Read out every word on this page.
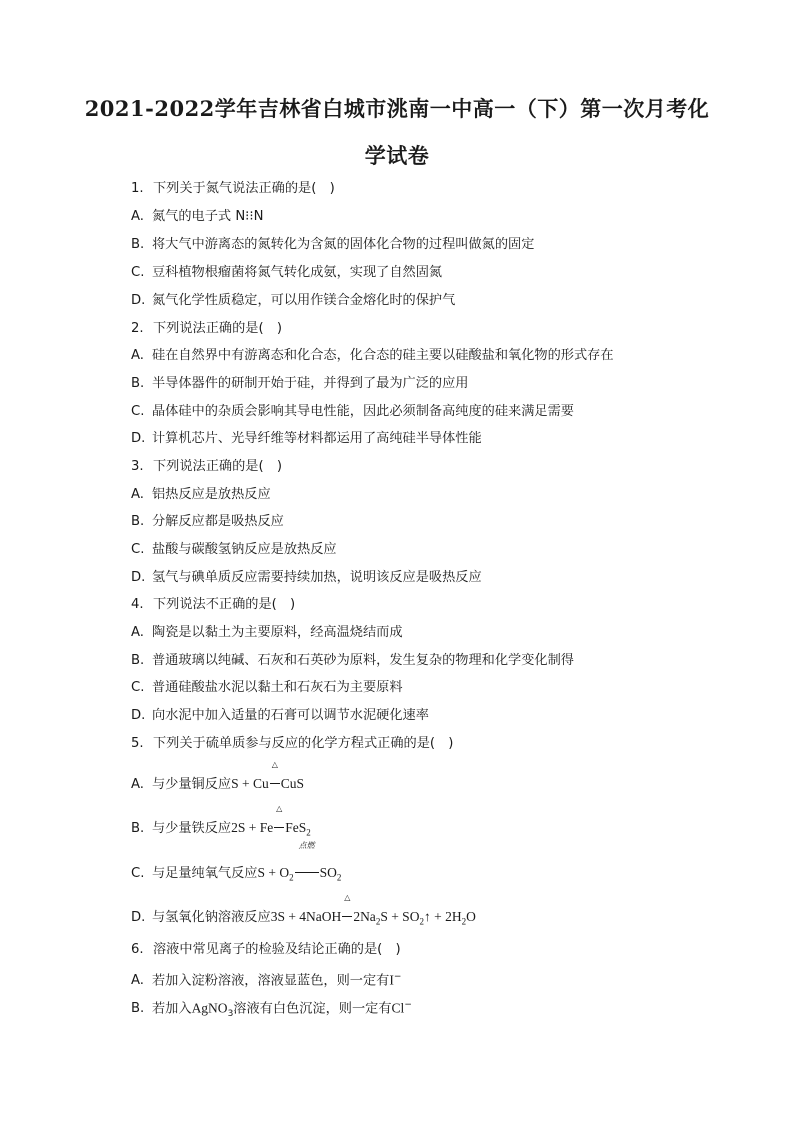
2021-2022学年吉林省白城市洮南一中高一（下）第一次月考化
学试卷
1. 下列关于氮气说法正确的是(　)
A. 氮气的电子式 N⁝⁝N
B. 将大气中游离态的氮转化为含氮的固体化合物的过程叫做氮的固定
C. 豆科植物根瘤菌将氮气转化成氨，实现了自然固氮
D. 氮气化学性质稳定，可以用作镁合金熔化时的保护气
2. 下列说法正确的是(　)
A. 硅在自然界中有游离态和化合态，化合态的硅主要以硅酸盐和氧化物的形式存在
B. 半导体器件的研制开始于硅，并得到了最为广泛的应用
C. 晶体硅中的杂质会影响其导电性能，因此必须制备高纯度的硅来满足需要
D. 计算机芯片、光导纤维等材料都运用了高纯硅半导体性能
3. 下列说法正确的是(　)
A. 铝热反应是放热反应
B. 分解反应都是吸热反应
C. 盐酸与碳酸氢钠反应是放热反应
D. 氢气与碘单质反应需要持续加热，说明该反应是吸热反应
4. 下列说法不正确的是(　)
A. 陶瓷是以黏土为主要原料，经高温烧结而成
B. 普通玻璃以纯碱、石灰和石英砂为原料，发生复杂的物理和化学变化制得
C. 普通硅酸盐水泥以黏土和石灰石为主要原料
D. 向水泥中加入适量的石膏可以调节水泥硬化速率
5. 下列关于硫单质参与反应的化学方程式正确的是(　)
A. 与少量铜反应S + Cu
△
CuS
B. 与少量铁反应2S + Fe
△
FeS$_2$
C. 与足量纯氧气反应$S + O_2$
点燃
$SO_2$
D. 与氢氧化钠溶液反应3S + 4NaOH
△
$2Na_2S$ + $SO_2↑ + 2H_2O$
6. 溶液中常见离子的检验及结论正确的是(　)
A. 若加入淀粉溶液，溶液显蓝色，则一定有I−
B. 若加入AgNO$_3$溶液有白色沉淀，则一定有Cl−
